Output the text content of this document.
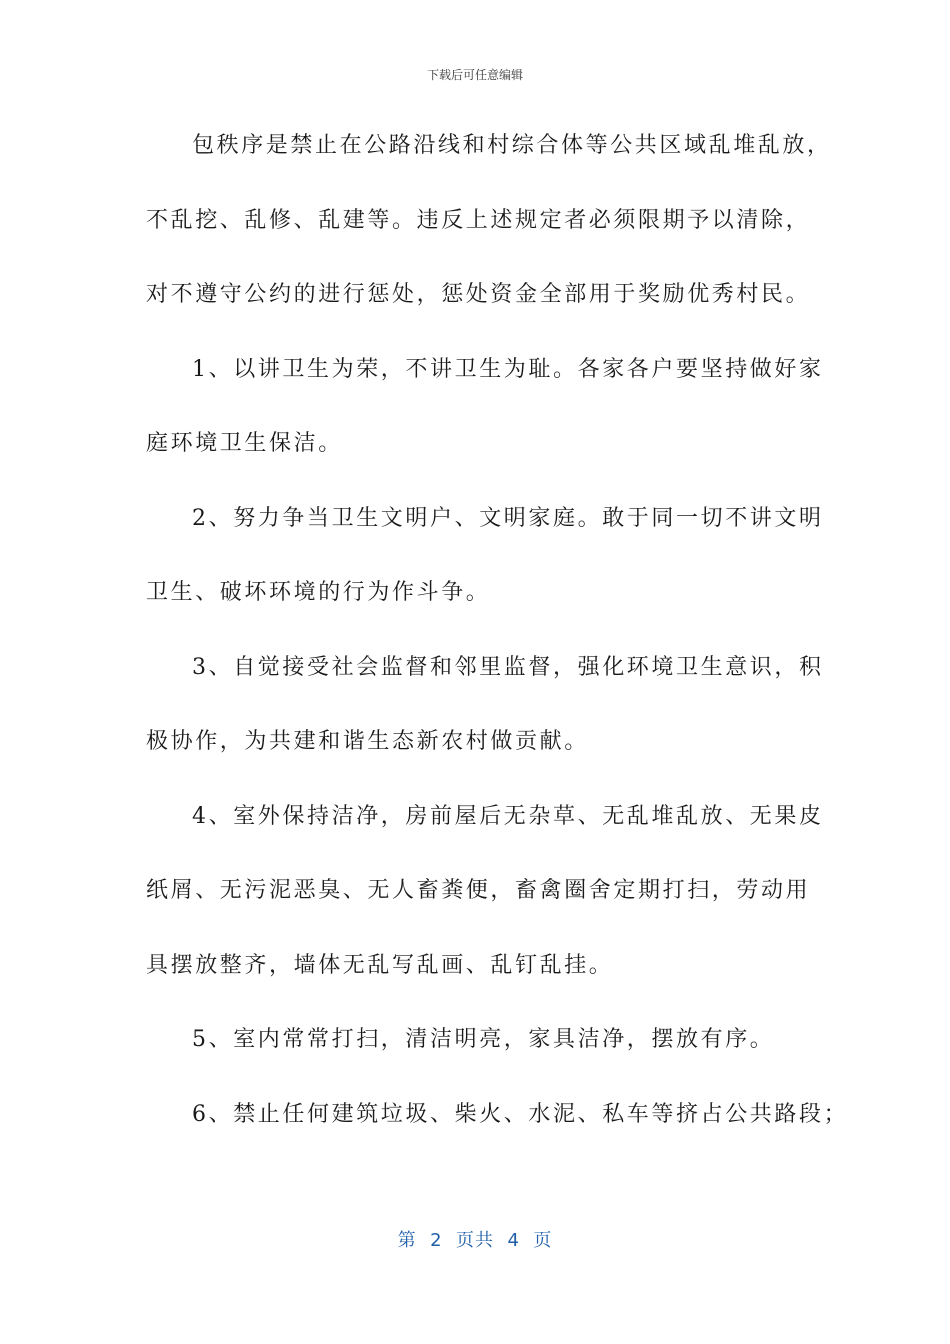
下载后可任意编辑
包秩序是禁止在公路沿线和村综合体等公共区域乱堆乱放，
不乱挖、乱修、乱建等。违反上述规定者必须限期予以清除，
对不遵守公约的进行惩处，惩处资金全部用于奖励优秀村民。
1、以讲卫生为荣，不讲卫生为耻。各家各户要坚持做好家
庭环境卫生保洁。
2、努力争当卫生文明户、文明家庭。敢于同一切不讲文明
卫生、破坏环境的行为作斗争。
3、自觉接受社会监督和邻里监督，强化环境卫生意识，积
极协作，为共建和谐生态新农村做贡献。
4、室外保持洁净，房前屋后无杂草、无乱堆乱放、无果皮
纸屑、无污泥恶臭、无人畜粪便，畜禽圈舍定期打扫，劳动用
具摆放整齐，墙体无乱写乱画、乱钉乱挂。
5、室内常常打扫，清洁明亮，家具洁净，摆放有序。
6、禁止任何建筑垃圾、柴火、水泥、私车等挤占公共路段；
第  2  页共  4  页
